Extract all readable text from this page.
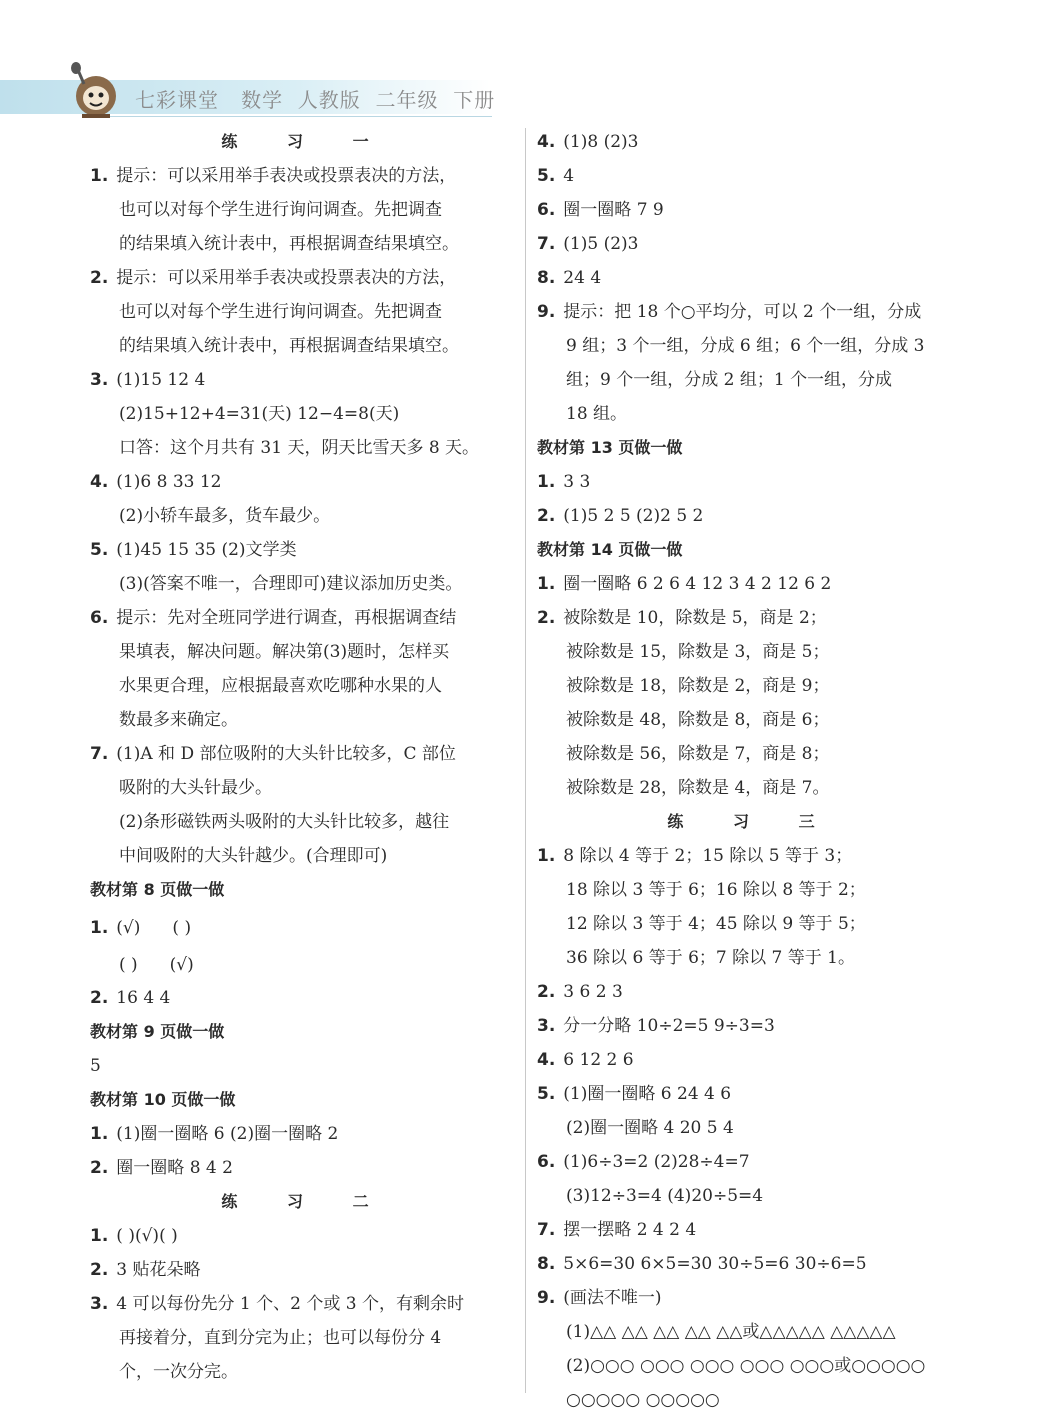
七彩课堂   数学  人教版  二年级  下册
练 习 一
1. 提示：可以采用举手表决或投票表决的方法，
也可以对每个学生进行询问调查。先把调查
的结果填入统计表中，再根据调查结果填空。
2. 提示：可以采用举手表决或投票表决的方法，
也可以对每个学生进行询问调查。先把调查
的结果填入统计表中，再根据调查结果填空。
3. (1)15 12 4
(2)15+12+4=31(天) 12−4=8(天)
口答：这个月共有 31 天，阴天比雪天多 8 天。
4. (1)6 8 33 12
(2)小轿车最多，货车最少。
5. (1)45 15 35 (2)文学类
(3)(答案不唯一，合理即可)建议添加历史类。
6. 提示：先对全班同学进行调查，再根据调查结
果填表，解决问题。解决第(3)题时，怎样买
水果更合理，应根据最喜欢吃哪种水果的人
数最多来确定。
7. (1)A 和 D 部位吸附的大头针比较多，C 部位
吸附的大头针最少。
(2)条形磁铁两头吸附的大头针比较多，越往
中间吸附的大头针越少。(合理即可)
教材第 8 页做一做
1. (√) ( )
( ) (√)
2. 16 4 4
教材第 9 页做一做
5
教材第 10 页做一做
1. (1)圈一圈略 6 (2)圈一圈略 2
2. 圈一圈略 8 4 2
练 习 二
1. ( )(√)( )
2. 3 贴花朵略
3. 4 可以每份先分 1 个、2 个或 3 个，有剩余时
再接着分，直到分完为止；也可以每份分 4
个，一次分完。
4. (1)8 (2)3
5. 4
6. 圈一圈略 7 9
7. (1)5 (2)3
8. 24 4
9. 提示：把 18 个○平均分，可以 2 个一组，分成
9 组；3 个一组，分成 6 组；6 个一组，分成 3
组；9 个一组，分成 2 组；1 个一组，分成
18 组。
教材第 13 页做一做
1. 3 3
2. (1)5 2 5 (2)2 5 2
教材第 14 页做一做
1. 圈一圈略 6 2 6 4 12 3 4 2 12 6 2
2. 被除数是 10，除数是 5，商是 2；
被除数是 15，除数是 3，商是 5；
被除数是 18，除数是 2，商是 9；
被除数是 48，除数是 8，商是 6；
被除数是 56，除数是 7，商是 8；
被除数是 28，除数是 4，商是 7。
练 习 三
1. 8 除以 4 等于 2；15 除以 5 等于 3；
18 除以 3 等于 6；16 除以 8 等于 2；
12 除以 3 等于 4；45 除以 9 等于 5；
36 除以 6 等于 6；7 除以 7 等于 1。
2. 3 6 2 3
3. 分一分略 10÷2=5 9÷3=3
4. 6 12 2 6
5. (1)圈一圈略 6 24 4 6
(2)圈一圈略 4 20 5 4
6. (1)6÷3=2 (2)28÷4=7
(3)12÷3=4 (4)20÷5=4
7. 摆一摆略 2 4 2 4
8. 5×6=30 6×5=30 30÷5=6 30÷6=5
9. (画法不唯一)
(1)△△ △△ △△ △△ △△或△△△△△ △△△△△
(2)○○○ ○○○ ○○○ ○○○ ○○○或○○○○○
○○○○○ ○○○○○
